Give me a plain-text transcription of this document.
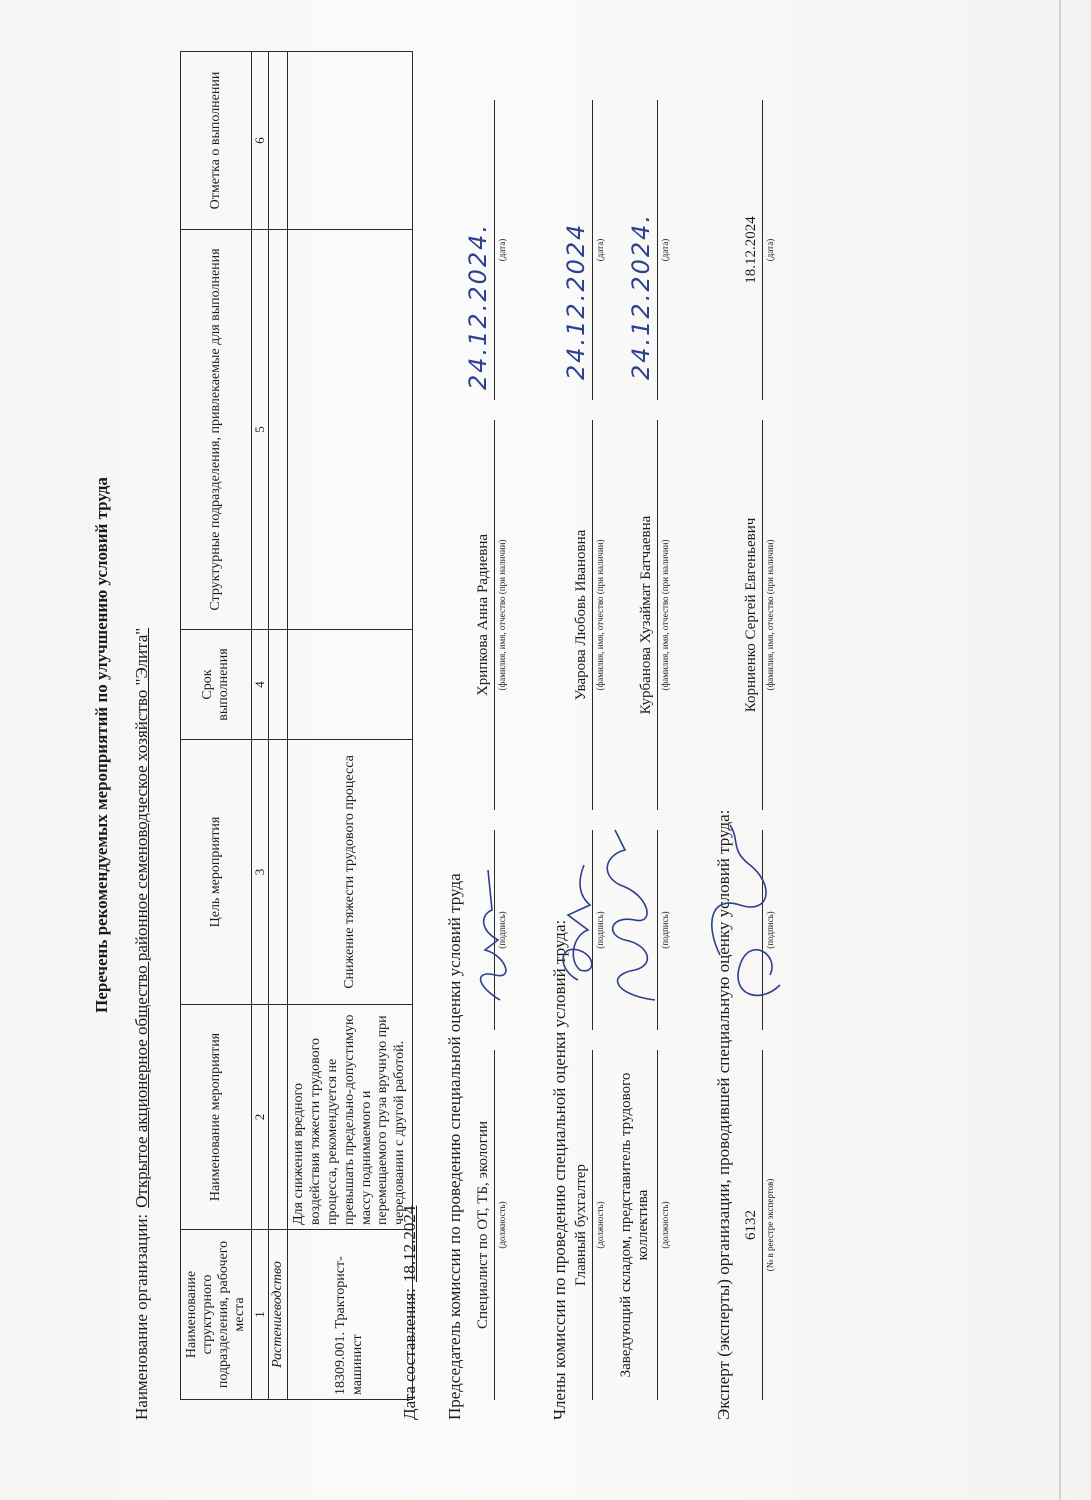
Перечень рекомендуемых мероприятий по улучшению условий труда
Наименование организации:Открытое акционерное общество районное семеноводческое хозяйство "Элита"
Наименование структурного подразделения, рабочего места	Наименование мероприятия	Цель мероприятия	Срок выполнения	Структурные подразделения, привлекаемые для выполнения	Отметка о выполнении
1	2	3	4	5	6
Растениеводство					
18309.001. Тракторист-машинист	Для снижения вредного воздействия тяжести трудового процесса, рекомендуется не превышать предельно-допустимую массу поднимаемого и перемещаемого груза вручную при чередовании с другой работой.	Снижение тяжести трудового процесса			
Дата составления:18.12.2024 Председатель комиссии по проведению специальной оценки условий труда Специалист по ОТ, ТБ, экологии (должность)
(подпись)
Хрипкова Анна Радиевна (фамилия, имя, отчество (при наличии)
24.12.2024. (дата)
Члены комиссии по проведению специальной оценки условий труда: Главный бухгалтер (должность)
(подпись)
Уварова Любовь Ивановна (фамилия, имя, отчество (при наличии)
24.12.2024 (дата)
Заведующий складом, представитель трудового коллектива (должность)
(подпись)
Курбанова Хузаймат Батчаевна (фамилия, имя, отчество (при наличии)
24.12.2024. (дата)
Эксперт (эксперты) организации, проводившей специальную оценку условий труда: 6132 (№ в реестре экспертов)
(подпись)
Корниенко Сергей Евгеньевич (фамилия, имя, отчество (при наличии)
18.12.2024 (дата)
